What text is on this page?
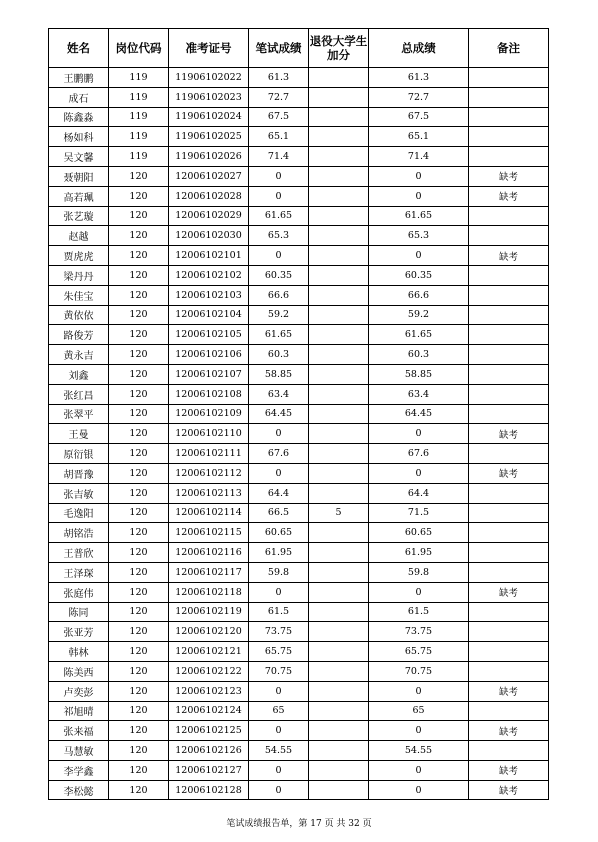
姓名	岗位代码	准考证号	笔试成绩	退役大学生加分	总成绩	备注
王鹏鹏	119	11906102022	61.3		61.3	
成石	119	11906102023	72.7		72.7	
陈鑫淼	119	11906102024	67.5		67.5	
杨如科	119	11906102025	65.1		65.1	
吴文馨	119	11906102026	71.4		71.4	
聂朝阳	120	12006102027	0		0	缺考
高若珮	120	12006102028	0		0	缺考
张艺璇	120	12006102029	61.65		61.65	
赵越	120	12006102030	65.3		65.3	
贾虎虎	120	12006102101	0		0	缺考
梁丹丹	120	12006102102	60.35		60.35	
朱佳宝	120	12006102103	66.6		66.6	
黄依依	120	12006102104	59.2		59.2	
路俊芳	120	12006102105	61.65		61.65	
黄永吉	120	12006102106	60.3		60.3	
刘鑫	120	12006102107	58.85		58.85	
张红昌	120	12006102108	63.4		63.4	
张翠平	120	12006102109	64.45		64.45	
王曼	120	12006102110	0		0	缺考
原衍银	120	12006102111	67.6		67.6	
胡晋豫	120	12006102112	0		0	缺考
张吉敏	120	12006102113	64.4		64.4	
毛逸阳	120	12006102114	66.5	5	71.5	
胡铭浩	120	12006102115	60.65		60.65	
王普欣	120	12006102116	61.95		61.95	
王泽琛	120	12006102117	59.8		59.8	
张庭伟	120	12006102118	0		0	缺考
陈同	120	12006102119	61.5		61.5	
张亚芳	120	12006102120	73.75		73.75	
韩林	120	12006102121	65.75		65.75	
陈美西	120	12006102122	70.75		70.75	
卢奕彭	120	12006102123	0		0	缺考
祁旭晴	120	12006102124	65		65	
张来福	120	12006102125	0		0	缺考
马慧敏	120	12006102126	54.55		54.55	
李学鑫	120	12006102127	0		0	缺考
李松懿	120	12006102128	0		0	缺考
笔试成绩报告单，第 17 页 共 32 页
